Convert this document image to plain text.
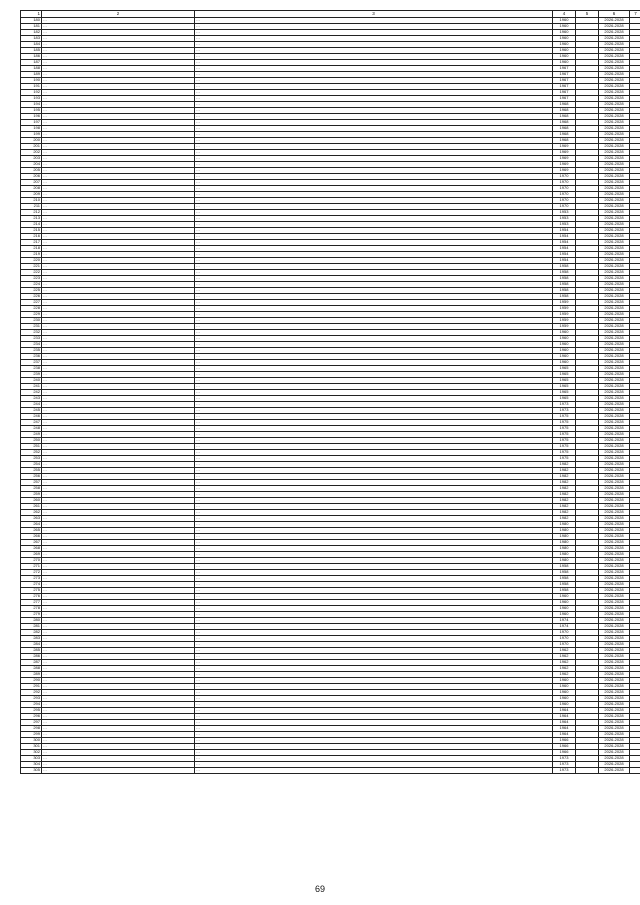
1	2	3	4	5	6	7
180	…	…	1960		2026-2028	
181	…	…	1960		2026-2028	
182	…	…	1960		2026-2028	
183	…	…	1960		2026-2028	
184	…	…	1960		2026-2028	
185	…	…	1960		2026-2028	
186	…	…	1960		2026-2028	
187	…	…	1960		2026-2028	
188	…	…	1967		2026-2028	
189	…	…	1967		2026-2028	
190	…	…	1967		2026-2028	
191	…	…	1967		2026-2028	
192	…	…	1967		2026-2028	
193	…	…	1967		2026-2028	
194	…	…	1968		2026-2028	
195	…	…	1968		2026-2028	
196	…	…	1968		2026-2028	
197	…	…	1968		2026-2028	
198	…	…	1968		2026-2028	
199	…	…	1968		2026-2028	
200	…	…	1968		2026-2028	
201	…	…	1969		2026-2028	
202	…	…	1969		2026-2028	
203	…	…	1969		2026-2028	
204	…	…	1969		2026-2028	
205	…	…	1969		2026-2028	
206	…	…	1970		2026-2028	
207	…	…	1970		2026-2028	
208	…	…	1970		2026-2028	
209	…	…	1970		2026-2028	
210	…	…	1970		2026-2028	
211	…	…	1970		2026-2028	
212	…	…	1953		2026-2028	
213	…	…	1953		2026-2028	
214	…	…	1953		2026-2028	
215	…	…	1954		2026-2028	
216	…	…	1954		2026-2028	
217	…	…	1954		2026-2028	
218	…	…	1954		2026-2028	
219	…	…	1954		2026-2028	
220	…	…	1954		2026-2028	
221	…	…	1958		2026-2028	
222	…	…	1958		2026-2028	
223	…	…	1958		2026-2028	
224	…	…	1958		2026-2028	
225	…	…	1958		2026-2028	
226	…	…	1958		2026-2028	
227	…	…	1959		2026-2028	
228	…	…	1959		2026-2028	
229	…	…	1959		2026-2028	
230	…	…	1959		2026-2028	
231	…	…	1959		2026-2028	
232	…	…	1960		2026-2028	
233	…	…	1960		2026-2028	
234	…	…	1960		2026-2028	
235	…	…	1960		2026-2028	
236	…	…	1960		2026-2028	
237	…	…	1960		2026-2028	
238	…	…	1965		2026-2028	
239	…	…	1965		2026-2028	
240	…	…	1965		2026-2028	
241	…	…	1965		2026-2028	
242	…	…	1965		2026-2028	
243	…	…	1965		2026-2028	
244	…	…	1973		2026-2028	
245	…	…	1973		2026-2028	
246	…	…	1975		2026-2028	
247	…	…	1975		2026-2028	
248	…	…	1975		2026-2028	
249	…	…	1975		2026-2028	
250	…	…	1975		2026-2028	
251	…	…	1975		2026-2028	
252	…	…	1975		2026-2028	
253	…	…	1975		2026-2028	
254	…	…	1982		2026-2028	
255	…	…	1982		2026-2028	
256	…	…	1982		2026-2028	
257	…	…	1982		2026-2028	
258	…	…	1982		2026-2028	
259	…	…	1982		2026-2028	
260	…	…	1982		2026-2028	
261	…	…	1982		2026-2028	
262	…	…	1982		2026-2028	
263	…	…	1982		2026-2028	
264	…	…	1980		2026-2028	
265	…	…	1980		2026-2028	
266	…	…	1980		2026-2028	
267	…	…	1980		2026-2028	
268	…	…	1980		2026-2028	
269	…	…	1980		2026-2028	
270	…	…	1980		2026-2028	
271	…	…	1958		2026-2028	
272	…	…	1958		2026-2028	
273	…	…	1958		2026-2028	
274	…	…	1958		2026-2028	
275	…	…	1958		2026-2028	
276	…	…	1960		2026-2028	
277	…	…	1960		2026-2028	
278	…	…	1960		2026-2028	
279	…	…	1960		2026-2028	
280	…	…	1974		2026-2028	
281	…	…	1974		2026-2028	
282	…	…	1970		2026-2028	
283	…	…	1970		2026-2028	
284	…	…	1970		2026-2028	
285	…	…	1962		2026-2028	
286	…	…	1962		2026-2028	
287	…	…	1962		2026-2028	
288	…	…	1962		2026-2028	
289	…	…	1962		2026-2028	
290	…	…	1960		2026-2028	
291	…	…	1960		2026-2028	
292	…	…	1960		2026-2028	
293	…	…	1960		2026-2028	
294	…	…	1960		2026-2028	
295	…	…	1964		2026-2028	
296	…	…	1964		2026-2028	
297	…	…	1964		2026-2028	
298	…	…	1964		2026-2028	
299	…	…	1964		2026-2028	
300	…	…	1966		2026-2028	
301	…	…	1966		2026-2028	
302	…	…	1966		2026-2028	
303	…	…	1973		2026-2028	
304	…	…	1973		2026-2028	
305	…	…	1973		2026-2028	
69
